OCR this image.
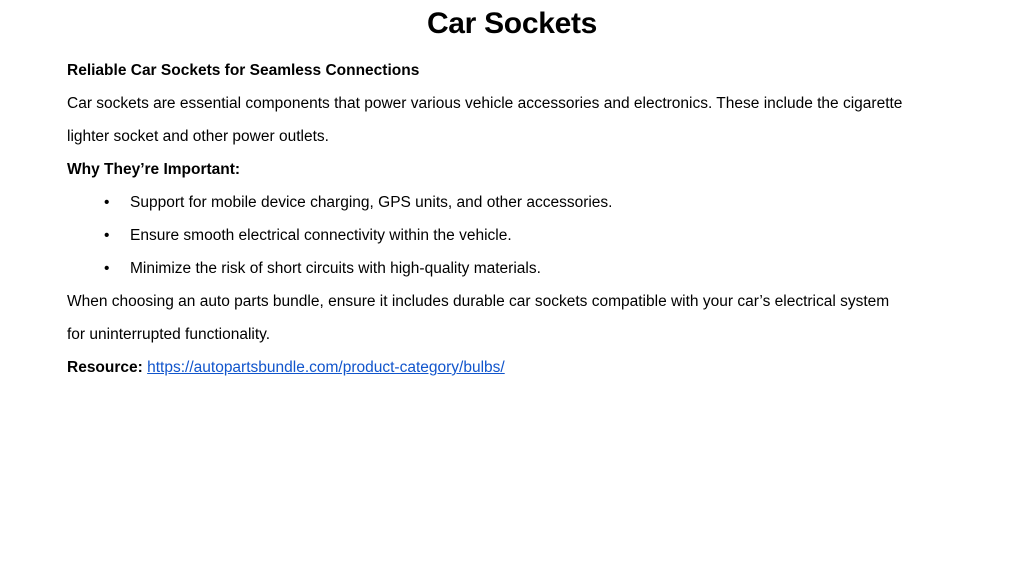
Car Sockets

Reliable Car Sockets for Seamless Connections

Car sockets are essential components that power various vehicle accessories and electronics. These include the cigarette

lighter socket and other power outlets.

Why They’re Important:

• Support for mobile device charging, GPS units, and other accessories.
• Ensure smooth electrical connectivity within the vehicle.
• Minimize the risk of short circuits with high-quality materials.

When choosing an auto parts bundle, ensure it includes durable car sockets compatible with your car’s electrical system

for uninterrupted functionality.

Resource: https://autopartsbundle.com/product-category/bulbs/
